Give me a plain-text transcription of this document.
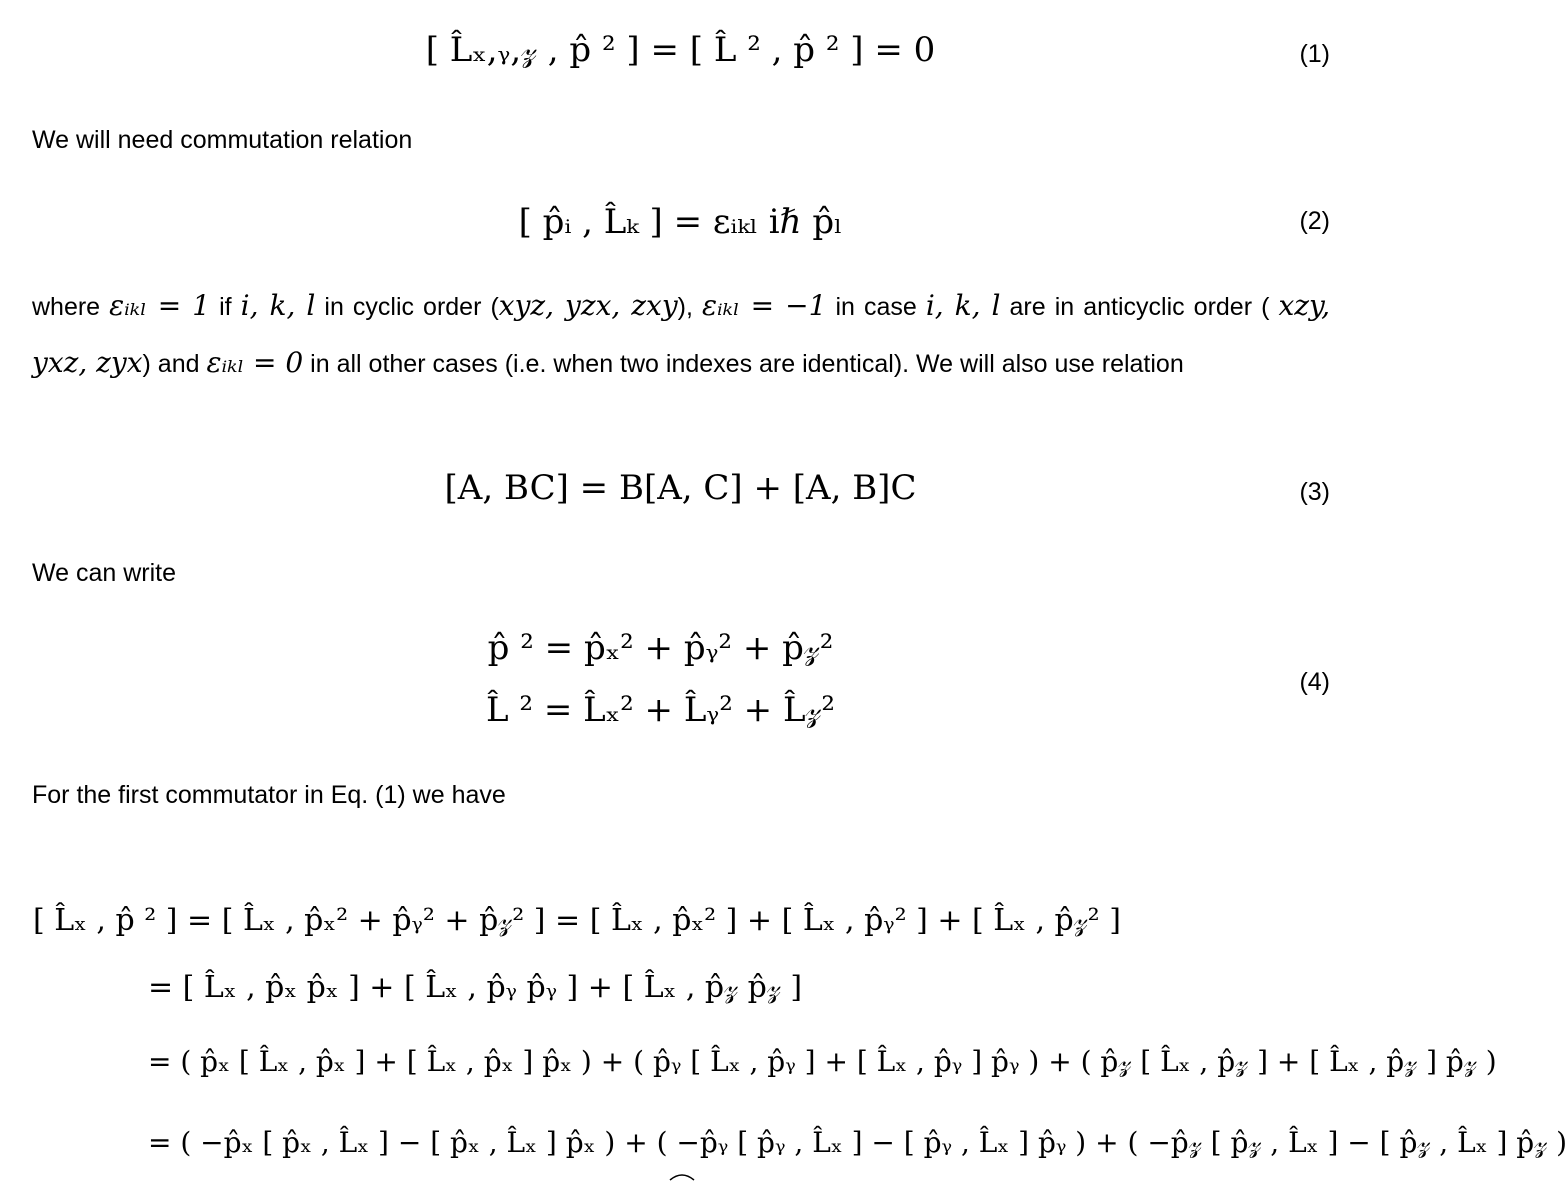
[ L̂ₓ,ᵧ,𝓏 , p̂ ² ] = [ L̂ ² , p̂ ² ] = 0	(1)
We will need commutation relation
[ p̂ᵢ , L̂ₖ ] = εᵢₖₗ iℏ p̂ₗ	(2)
where εᵢₖₗ = 1 if i, k, l in cyclic order (xyz, yzx, zxy), εᵢₖₗ = −1 in case i, k, l are in anticyclic order ( xzy, yxz, zyx) and εᵢₖₗ = 0 in all other cases (i.e. when two indexes are identical). We will also use relation
[A, BC] = B[A, C] + [A, B]C	(3)
We can write
p̂ ² = p̂ₓ² + p̂ᵧ² + p̂𝓏²
L̂ ² = L̂ₓ² + L̂ᵧ² + L̂𝓏²
(4)
For the first commutator in Eq. (1) we have
[ L̂ₓ , p̂ ² ] = [ L̂ₓ , p̂ₓ² + p̂ᵧ² + p̂𝓏² ] = [ L̂ₓ , p̂ₓ² ] + [ L̂ₓ , p̂ᵧ² ] + [ L̂ₓ , p̂𝓏² ]
= [ L̂ₓ , p̂ₓ p̂ₓ ] + [ L̂ₓ , p̂ᵧ p̂ᵧ ] + [ L̂ₓ , p̂𝓏 p̂𝓏 ]
= ( p̂ₓ [ L̂ₓ , p̂ₓ ] + [ L̂ₓ , p̂ₓ ] p̂ₓ ) + ( p̂ᵧ [ L̂ₓ , p̂ᵧ ] + [ L̂ₓ , p̂ᵧ ] p̂ᵧ ) + ( p̂𝓏 [ L̂ₓ , p̂𝓏 ] + [ L̂ₓ , p̂𝓏 ] p̂𝓏 )
= ( −p̂ₓ [ p̂ₓ , L̂ₓ ] − [ p̂ₓ , L̂ₓ ] p̂ₓ ) + ( −p̂ᵧ [ p̂ᵧ , L̂ₓ ] − [ p̂ᵧ , L̂ₓ ] p̂ᵧ ) + ( −p̂𝓏 [ p̂𝓏 , L̂ₓ ] − [ p̂𝓏 , L̂ₓ ] p̂𝓏 )
